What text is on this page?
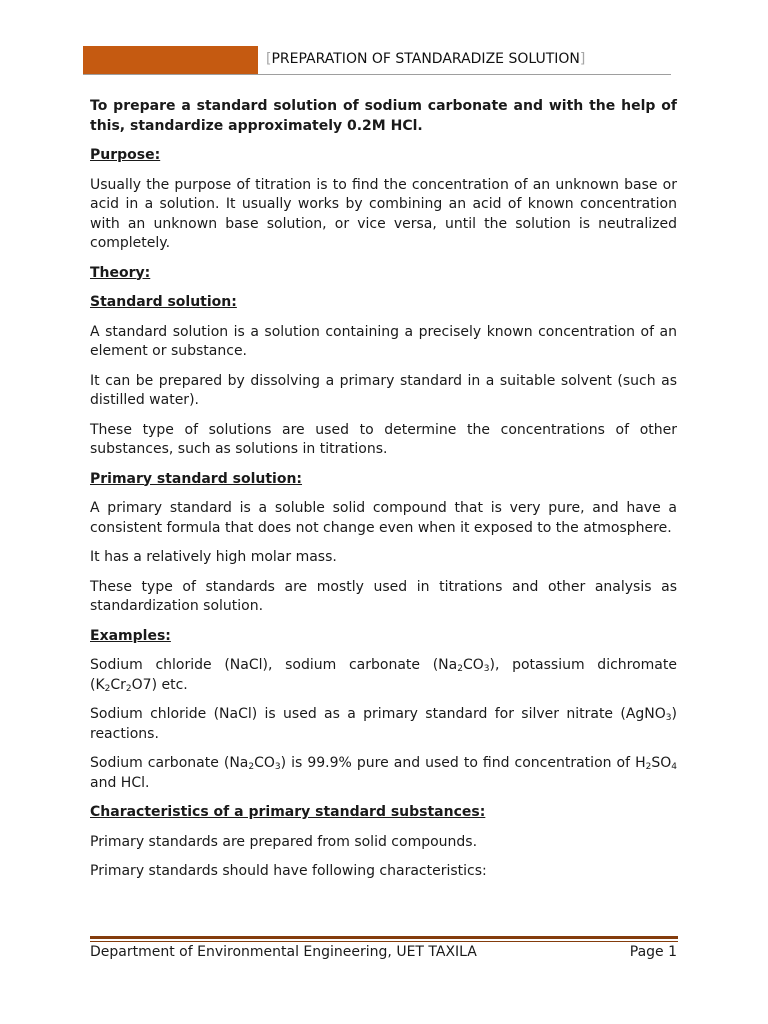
[PREPARATION OF STANDARADIZE SOLUTION]

To prepare a standard solution of sodium carbonate and with the help of this, standardize approximately 0.2M HCl.

Purpose:

Usually the purpose of titration is to find the concentration of an unknown base or acid in a solution. It usually works by combining an acid of known concentration with an unknown base solution, or vice versa, until the solution is neutralized completely.

Theory:

Standard solution:

A standard solution is a solution containing a precisely known concentration of an element or substance.

It can be prepared by dissolving a primary standard in a suitable solvent (such as distilled water).

These type of solutions are used to determine the concentrations of other substances, such as solutions in titrations.

Primary standard solution:

A primary standard is a soluble solid compound that is very pure, and have a consistent formula that does not change even when it exposed to the atmosphere.

It has a relatively high molar mass.

These type of standards are mostly used in titrations and other analysis as standardization solution.

Examples:

Sodium chloride (NaCl), sodium carbonate $(Na_2CO_3)$, potassium dichromate $(K_2Cr_2O7)$ etc.

Sodium chloride (NaCl) is used as a primary standard for silver nitrate (AgNO$_3$) reactions.

Sodium carbonate $(Na_2CO_3)$ is 99.9% pure and used to find concentration of $H_2SO_4$ and HCl.

Characteristics of a primary standard substances:

Primary standards are prepared from solid compounds.

Primary standards should have following characteristics:

Department of Environmental Engineering, UET TAXILA	Page 1
